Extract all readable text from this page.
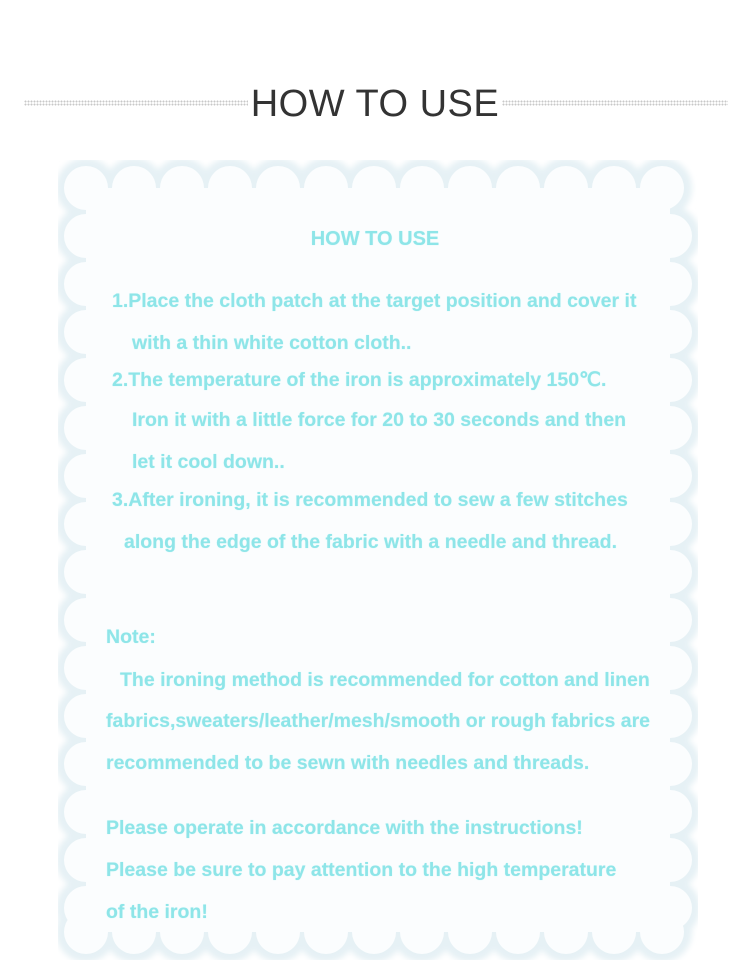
HOW TO USE
HOW TO USE
1.Place the cloth patch at the target position and cover it
with a thin white cotton cloth..
2.The temperature of the iron is approximately 150℃.
Iron it with a little force for 20 to 30 seconds and then
let it cool down..
3.After ironing, it is recommended to sew a few stitches
along the edge of the fabric with a needle and thread.
Note:
The ironing method is recommended for cotton and linen
fabrics,sweaters/leather/mesh/smooth or rough fabrics are
recommended to be sewn with needles and threads.
Please operate in accordance with the instructions!
Please be sure to pay attention to the high temperature
of the iron!
